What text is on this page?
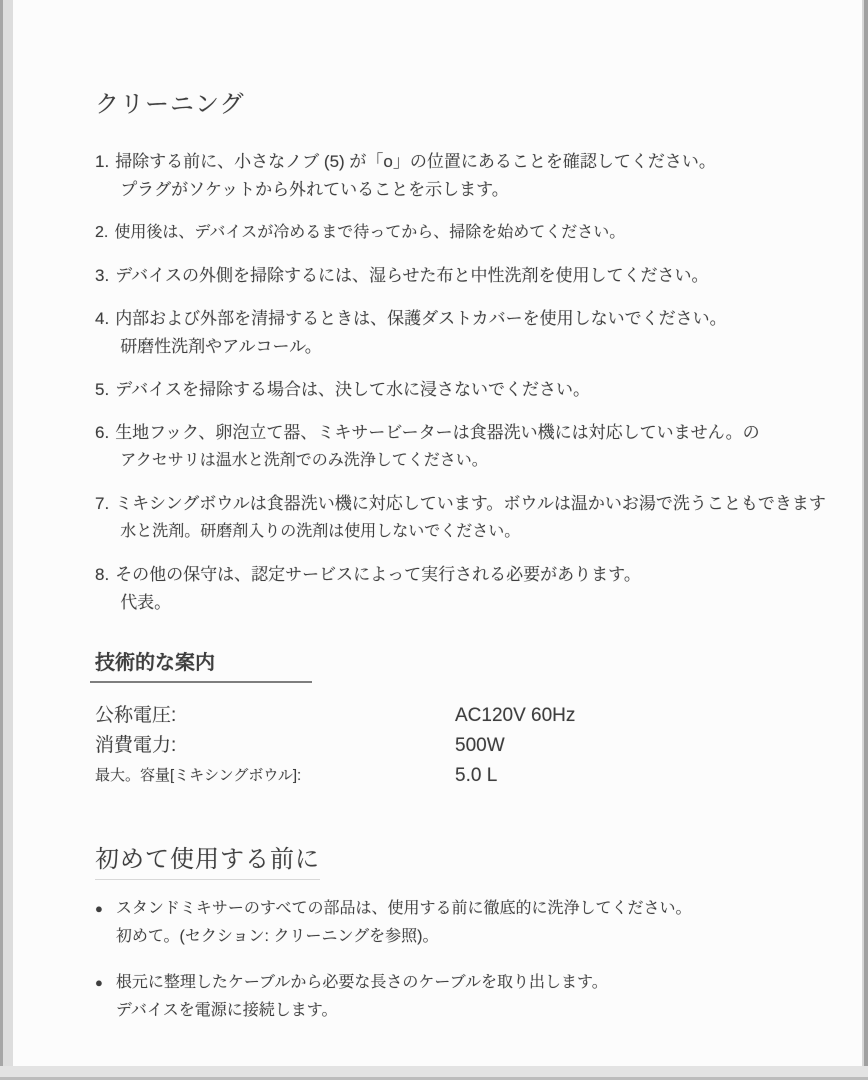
クリーニング
1. 掃除する前に、小さなノブ (5) が「o」の位置にあることを確認してください。
プラグがソケットから外れていることを示します。
2. 使用後は、デバイスが冷めるまで待ってから、掃除を始めてください。
3. デバイスの外側を掃除するには、湿らせた布と中性洗剤を使用してください。
4. 内部および外部を清掃するときは、保護ダストカバーを使用しないでください。
研磨性洗剤やアルコール。
5. デバイスを掃除する場合は、決して水に浸さないでください。
6. 生地フック、卵泡立て器、ミキサービーターは食器洗い機には対応していません。の
アクセサリは温水と洗剤でのみ洗浄してください。
7. ミキシングボウルは食器洗い機に対応しています。ボウルは温かいお湯で洗うこともできます
水と洗剤。研磨剤入りの洗剤は使用しないでください。
8. その他の保守は、認定サービスによって実行される必要があります。
代表。
技術的な案内
公称電圧:	AC120V 60Hz
消費電力:	500W
最大。容量[ミキシングボウル]:	5.0 L
初めて使用する前に
● スタンドミキサーのすべての部品は、使用する前に徹底的に洗浄してください。
初めて。(セクション: クリーニングを参照)。
● 根元に整理したケーブルから必要な長さのケーブルを取り出します。
デバイスを電源に接続します。
